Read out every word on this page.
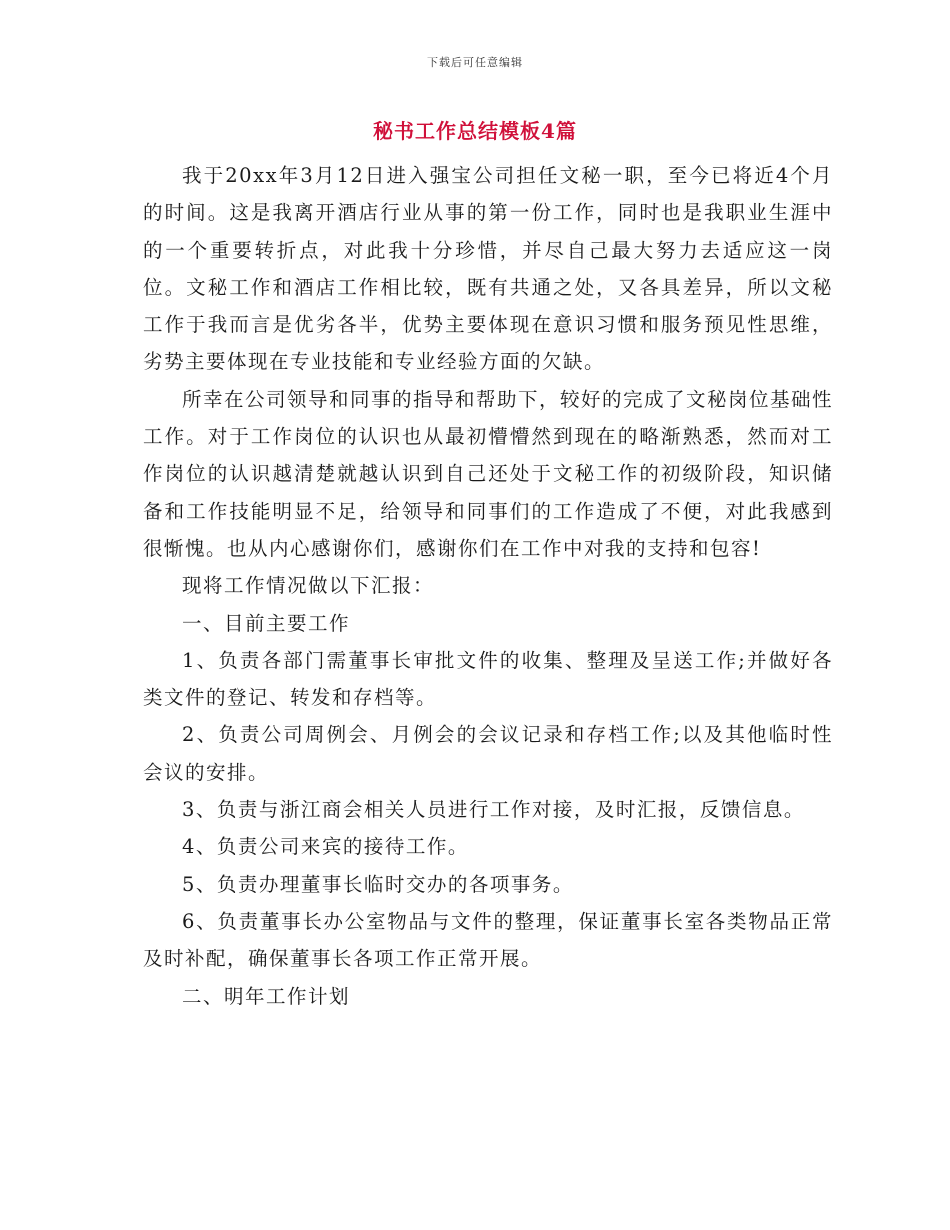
下载后可任意编辑
秘书工作总结模板4篇

我于20xx年3月12日进入强宝公司担任文秘一职，至今已将近4个月的时间。这是我离开酒店行业从事的第一份工作，同时也是我职业生涯中的一个重要转折点，对此我十分珍惜，并尽自己最大努力去适应这一岗位。文秘工作和酒店工作相比较，既有共通之处，又各具差异，所以文秘工作于我而言是优劣各半，优势主要体现在意识习惯和服务预见性思维，劣势主要体现在专业技能和专业经验方面的欠缺。

所幸在公司领导和同事的指导和帮助下，较好的完成了文秘岗位基础性工作。对于工作岗位的认识也从最初懵懵然到现在的略渐熟悉，然而对工作岗位的认识越清楚就越认识到自己还处于文秘工作的初级阶段，知识储备和工作技能明显不足，给领导和同事们的工作造成了不便，对此我感到很惭愧。也从内心感谢你们，感谢你们在工作中对我的支持和包容!

现将工作情况做以下汇报：

一、目前主要工作

1、负责各部门需董事长审批文件的收集、整理及呈送工作;并做好各类文件的登记、转发和存档等。

2、负责公司周例会、月例会的会议记录和存档工作;以及其他临时性会议的安排。

3、负责与浙江商会相关人员进行工作对接，及时汇报，反馈信息。

4、负责公司来宾的接待工作。

5、负责办理董事长临时交办的各项事务。

6、负责董事长办公室物品与文件的整理，保证董事长室各类物品正常及时补配，确保董事长各项工作正常开展。

二、明年工作计划
